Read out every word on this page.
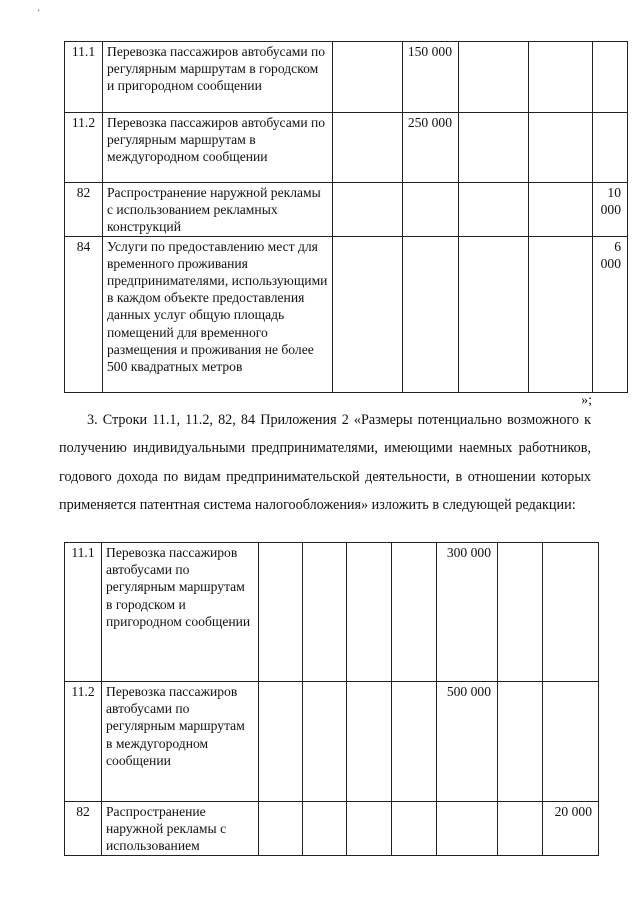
'
11.1	Перевозка пассажиров автобусами по регулярным маршрутам в городском и пригородном сообщении		150 000			
11.2	Перевозка пассажиров автобусами по регулярным маршрутам в междугородном сообщении		250 000			
82	Распространение наружной рекламы с использованием рекламных конструкций					10 000
84	Услуги по предоставлению мест для временного проживания предпринимателями, использующими в каждом объекте предоставления данных услуг общую площадь помещений для временного размещения и проживания не более 500 квадратных метров					6 000
»;
3. Строки 11.1, 11.2, 82, 84 Приложения 2 «Размеры потенциально возможного к получению индивидуальными предпринимателями, имеющими наемных работников, годового дохода по видам предпринимательской деятельности, в отношении которых применяется патентная система налогообложения» изложить в следующей редакции:
11.1	Перевозка пассажиров автобусами по регулярным маршрутам в городском и пригородном сообщении					300 000		
11.2	Перевозка пассажиров автобусами по регулярным маршрутам в междугородном сообщении					500 000		
82	Распространение наружной рекламы с использованием							20 000
